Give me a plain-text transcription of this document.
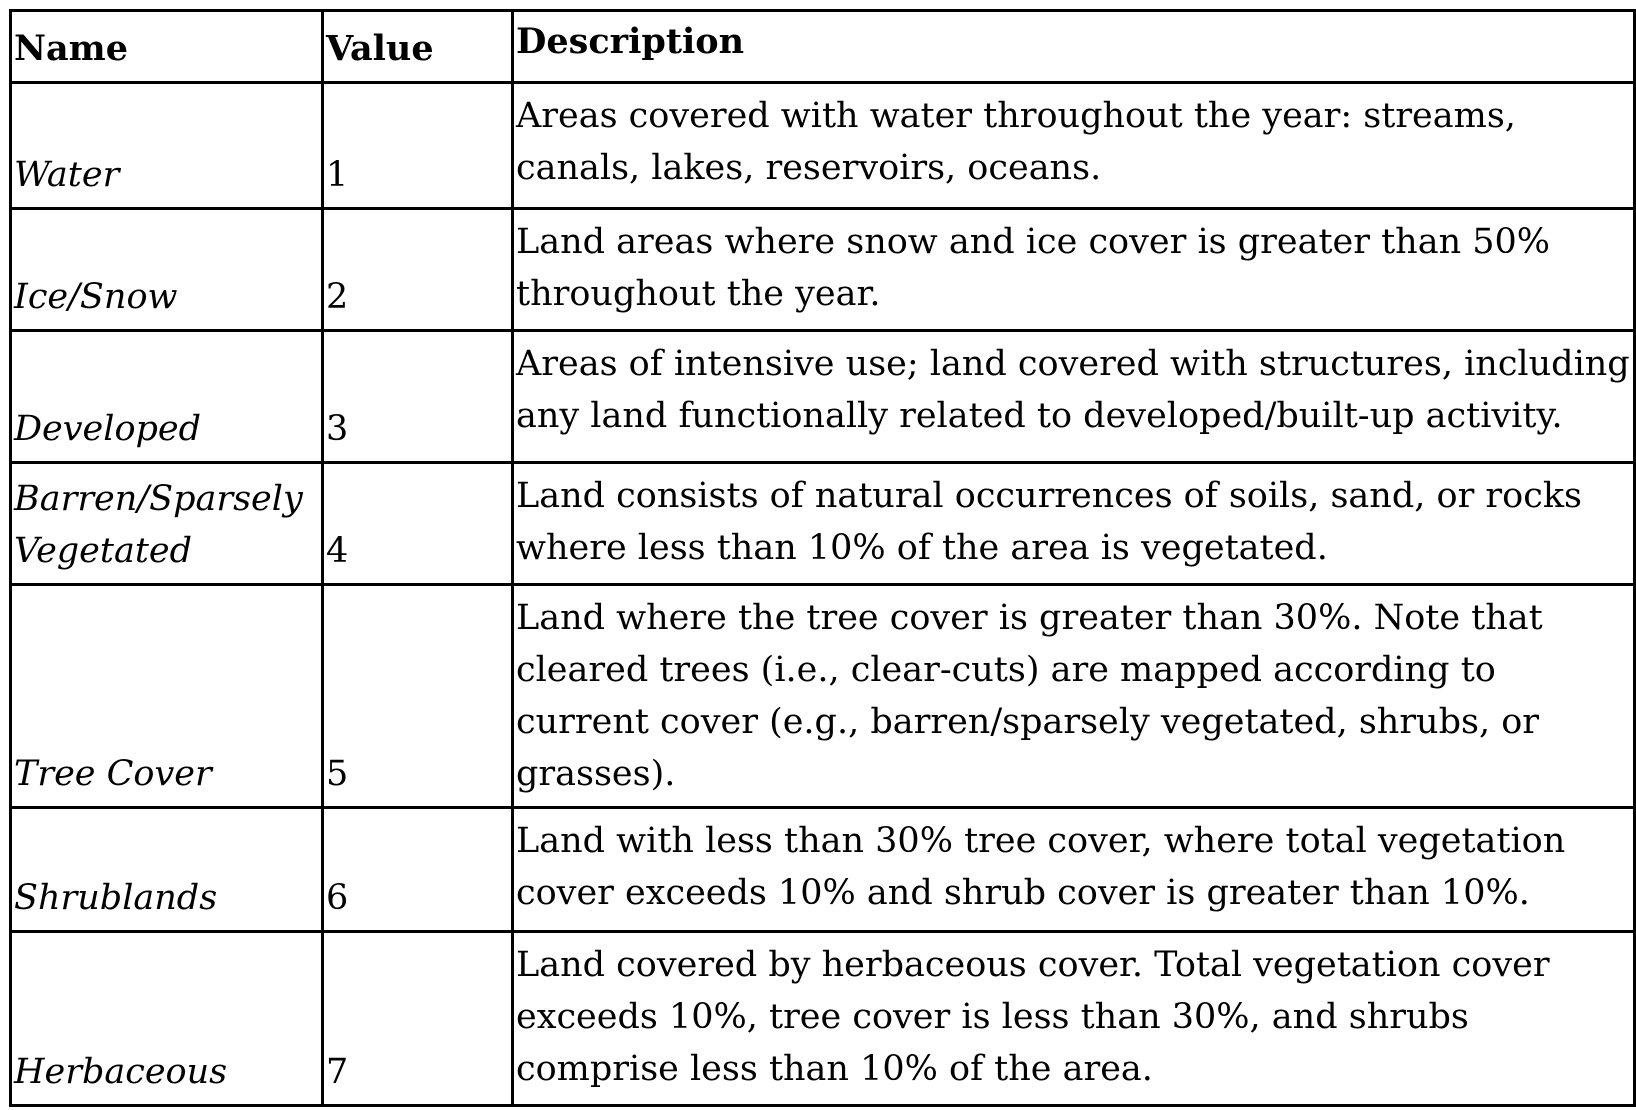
Name	Value	Description
Water	1	Areas covered with water throughout the year: streams, canals, lakes, reservoirs, oceans.
Ice/Snow	2	Land areas where snow and ice cover is greater than 50% throughout the year.
Developed	3	Areas of intensive use; land covered with structures, including any land functionally related to developed/built-up activity.
Barren/Sparsely Vegetated	4	Land consists of natural occurrences of soils, sand, or rocks where less than 10% of the area is vegetated.
Tree Cover	5	Land where the tree cover is greater than 30%. Note that cleared trees (i.e., clear-cuts) are mapped according to current cover (e.g., barren/sparsely vegetated, shrubs, or grasses).
Shrublands	6	Land with less than 30% tree cover, where total vegetation cover exceeds 10% and shrub cover is greater than 10%.
Herbaceous	7	Land covered by herbaceous cover. Total vegetation cover exceeds 10%, tree cover is less than 30%, and shrubs comprise less than 10% of the area.
